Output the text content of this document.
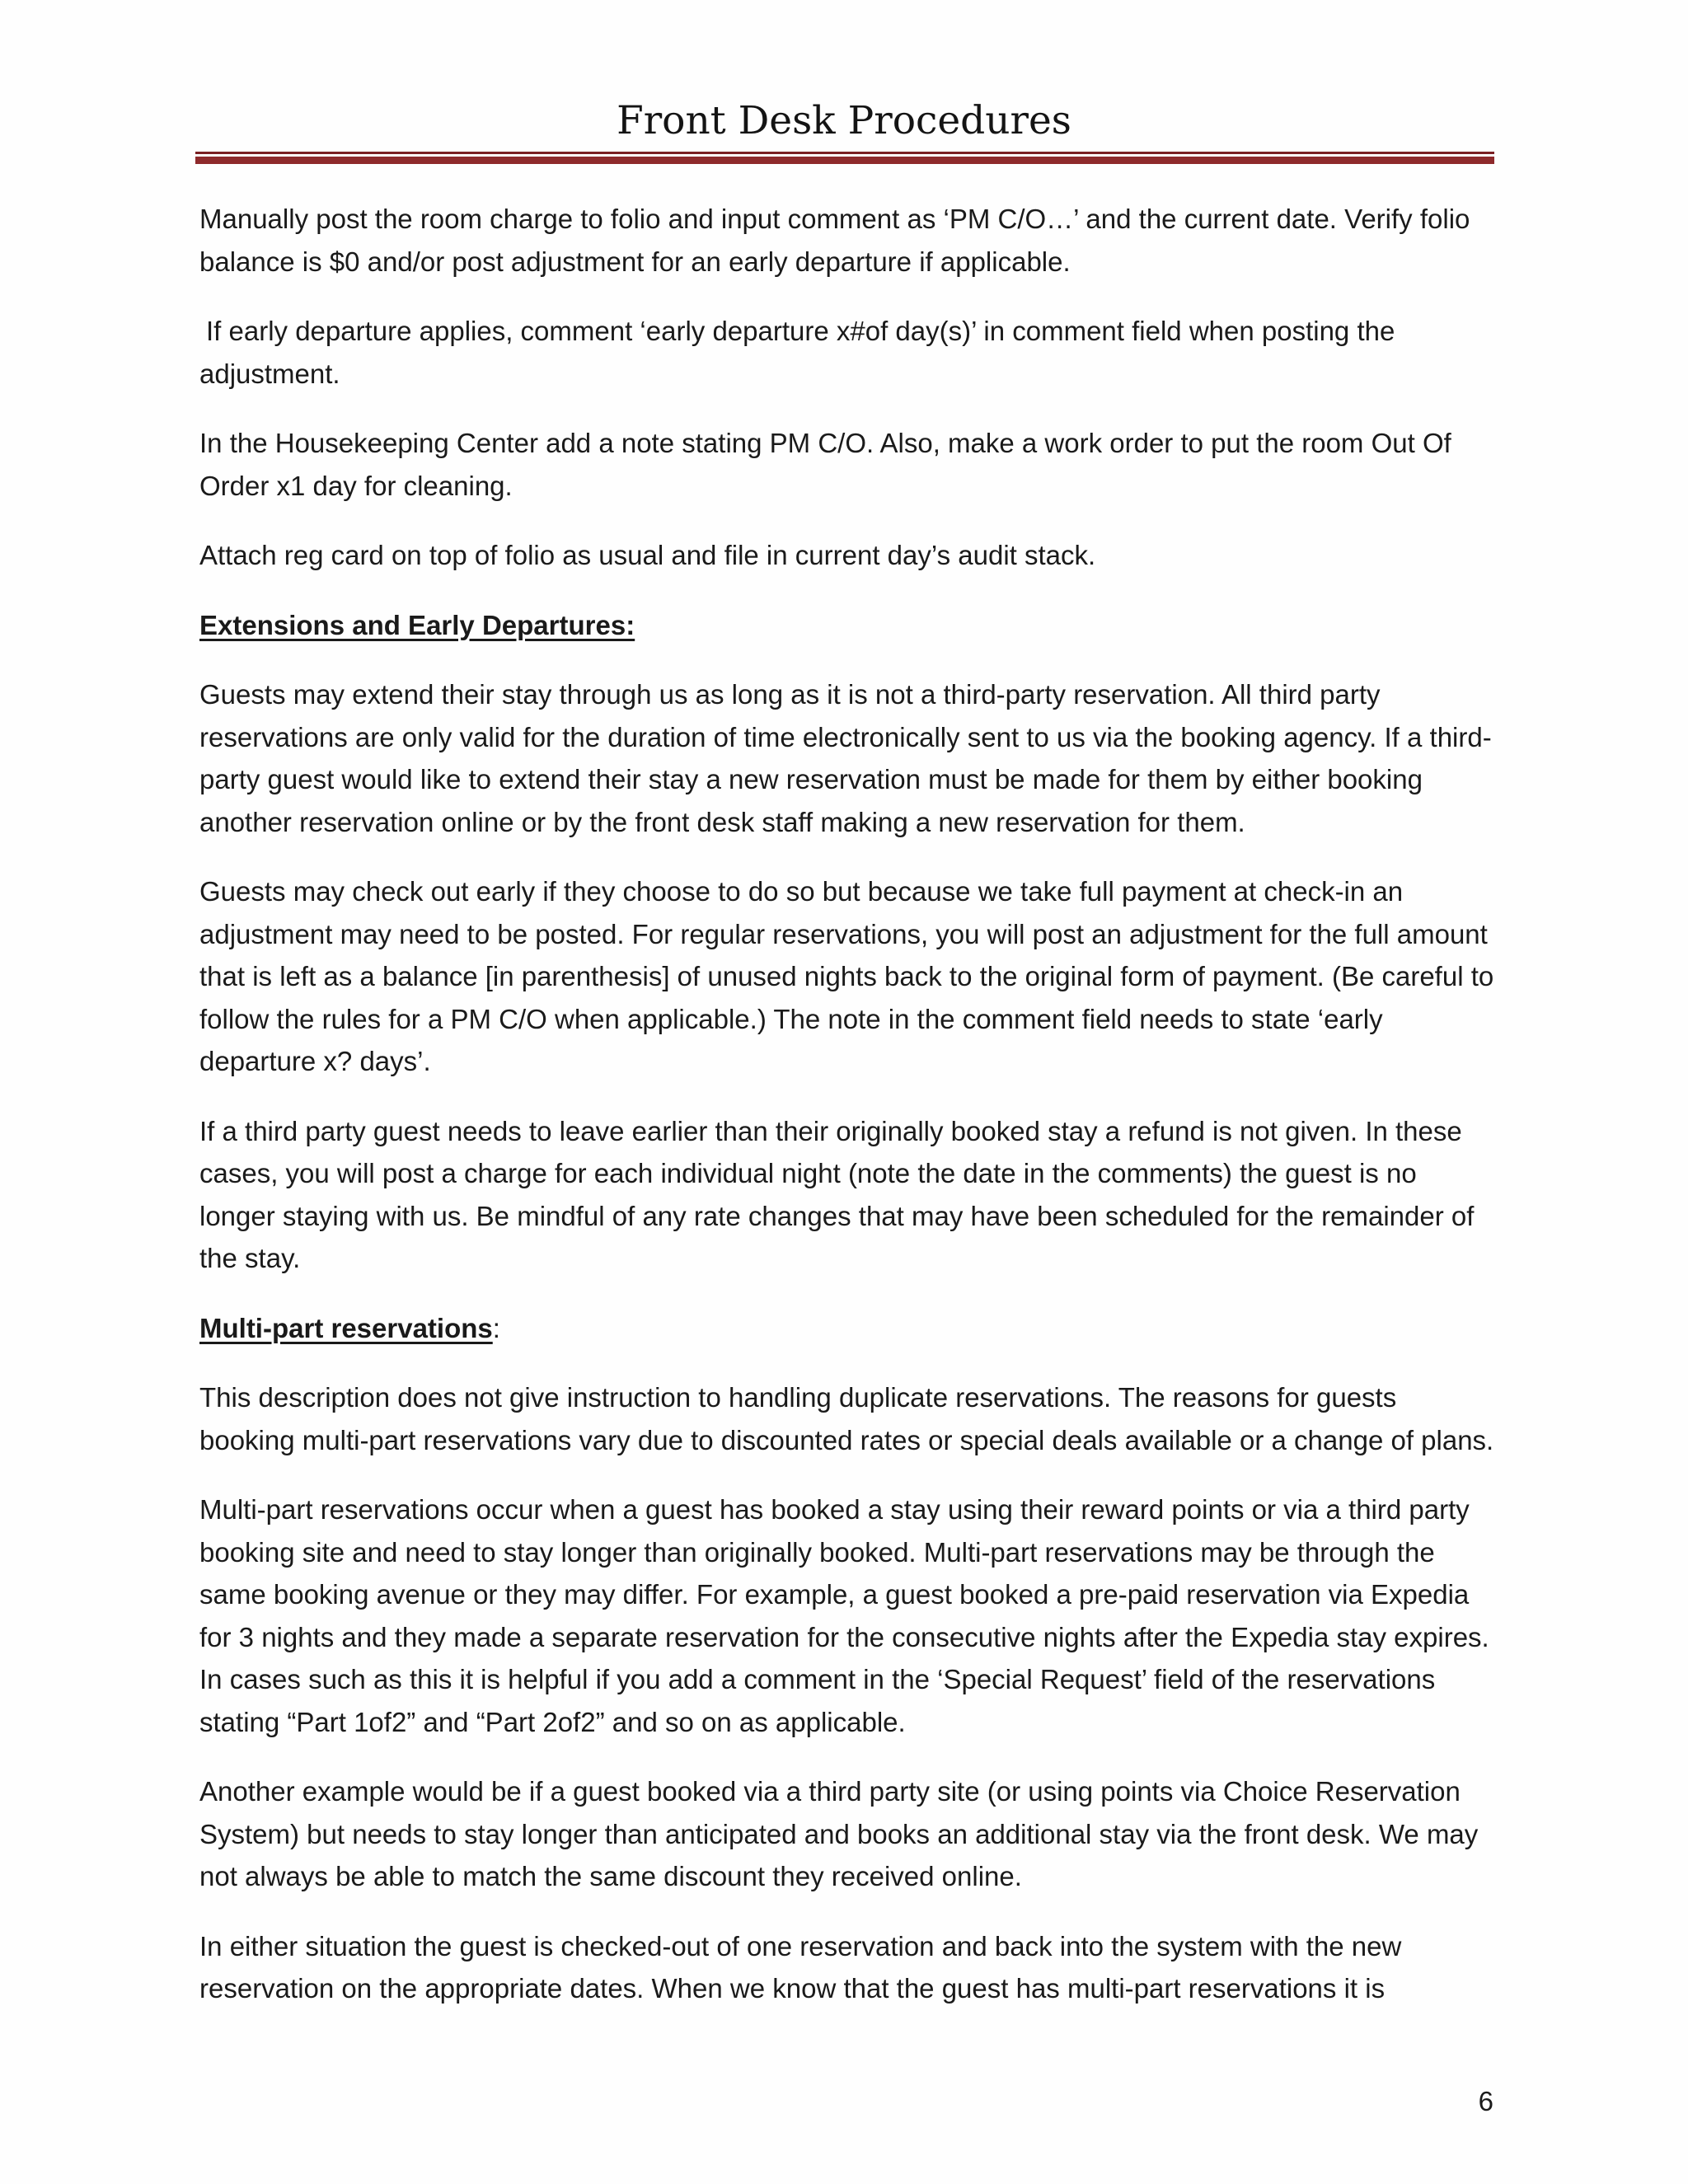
Front Desk Procedures

Manually post the room charge to folio and input comment as ‘PM C/O…’ and the current date. Verify folio balance is $0 and/or post adjustment for an early departure if applicable.

If early departure applies, comment ‘early departure x#of day(s)’ in comment field when posting the adjustment.

In the Housekeeping Center add a note stating PM C/O. Also, make a work order to put the room Out Of Order x1 day for cleaning.

Attach reg card on top of folio as usual and file in current day’s audit stack.

Extensions and Early Departures:

Guests may extend their stay through us as long as it is not a third-party reservation. All third party reservations are only valid for the duration of time electronically sent to us via the booking agency. If a third-party guest would like to extend their stay a new reservation must be made for them by either booking another reservation online or by the front desk staff making a new reservation for them.

Guests may check out early if they choose to do so but because we take full payment at check-in an adjustment may need to be posted. For regular reservations, you will post an adjustment for the full amount that is left as a balance [in parenthesis] of unused nights back to the original form of payment. (Be careful to follow the rules for a PM C/O when applicable.) The note in the comment field needs to state ‘early departure x? days’.

If a third party guest needs to leave earlier than their originally booked stay a refund is not given. In these cases, you will post a charge for each individual night (note the date in the comments) the guest is no longer staying with us. Be mindful of any rate changes that may have been scheduled for the remainder of the stay.

Multi-part reservations:

This description does not give instruction to handling duplicate reservations. The reasons for guests booking multi-part reservations vary due to discounted rates or special deals available or a change of plans.

Multi-part reservations occur when a guest has booked a stay using their reward points or via a third party booking site and need to stay longer than originally booked. Multi-part reservations may be through the same booking avenue or they may differ. For example, a guest booked a pre-paid reservation via Expedia for 3 nights and they made a separate reservation for the consecutive nights after the Expedia stay expires. In cases such as this it is helpful if you add a comment in the ‘Special Request’ field of the reservations stating “Part 1of2” and “Part 2of2” and so on as applicable.

Another example would be if a guest booked via a third party site (or using points via Choice Reservation System) but needs to stay longer than anticipated and books an additional stay via the front desk. We may not always be able to match the same discount they received online.

In either situation the guest is checked-out of one reservation and back into the system with the new reservation on the appropriate dates. When we know that the guest has multi-part reservations it is

6
